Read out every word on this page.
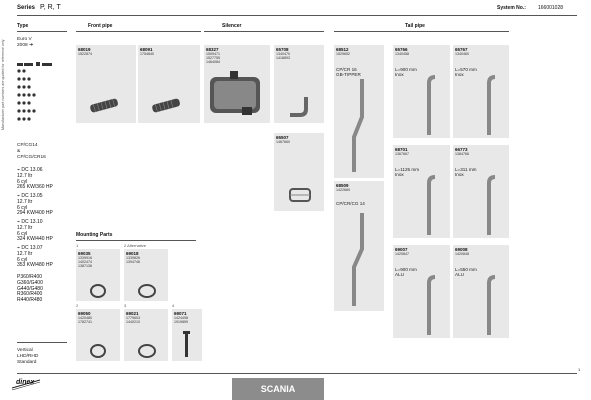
Manufacturer part numbers are quoted for reference only
Series P, R, T	System No.: 166001028
Type	Front pipe	Silencer	Tail pipe
Euro V
2008 ➜
CP/CG14
&
CP/CG/CR16
⌁ DC 13.06
12.7 ltr
6 cyl
265 KW/360 HP
⌁ DC 13.05
12.7 ltr
6 cyl
294 KW/400 HP
⌁ DC 13.10
12.7 ltr
6 cyl
324 KW/440 HP
⌁ DC 13.07
12.7 ltr
6 cyl
353 KW/480 HP
P360/R400
G360/G400
G440/G480
R360/R400
R440/R480
Vertical
LHD/RHD
Standard
68019
1522874
68091
1754840
68327
1509471
1527755
1464084
65708
1340470
1418893
65507
1467660
68512
1529652
CP/CR 16
GB-TIPPER
68509
1422669
CP/CR/CG 14
65766
1340458
L=900 mm
Inox
65767
1340460
L=570 mm
Inox
68701
1367667
L=1125 mm
Inox
66773
1384766
L=311 mm
Inox
69007
1420847
L=900 mm
ALU
69008
1420848
L=550 mm
ALU
Mounting Parts
1
69035
1339916
1402474
1387136
2 Alternative
69018
1339826
1394746
2
69050
1420480
1782741
3
69021
1779603
1440210
4
69071
1424498
1919859
dinex
SCANIA
1
